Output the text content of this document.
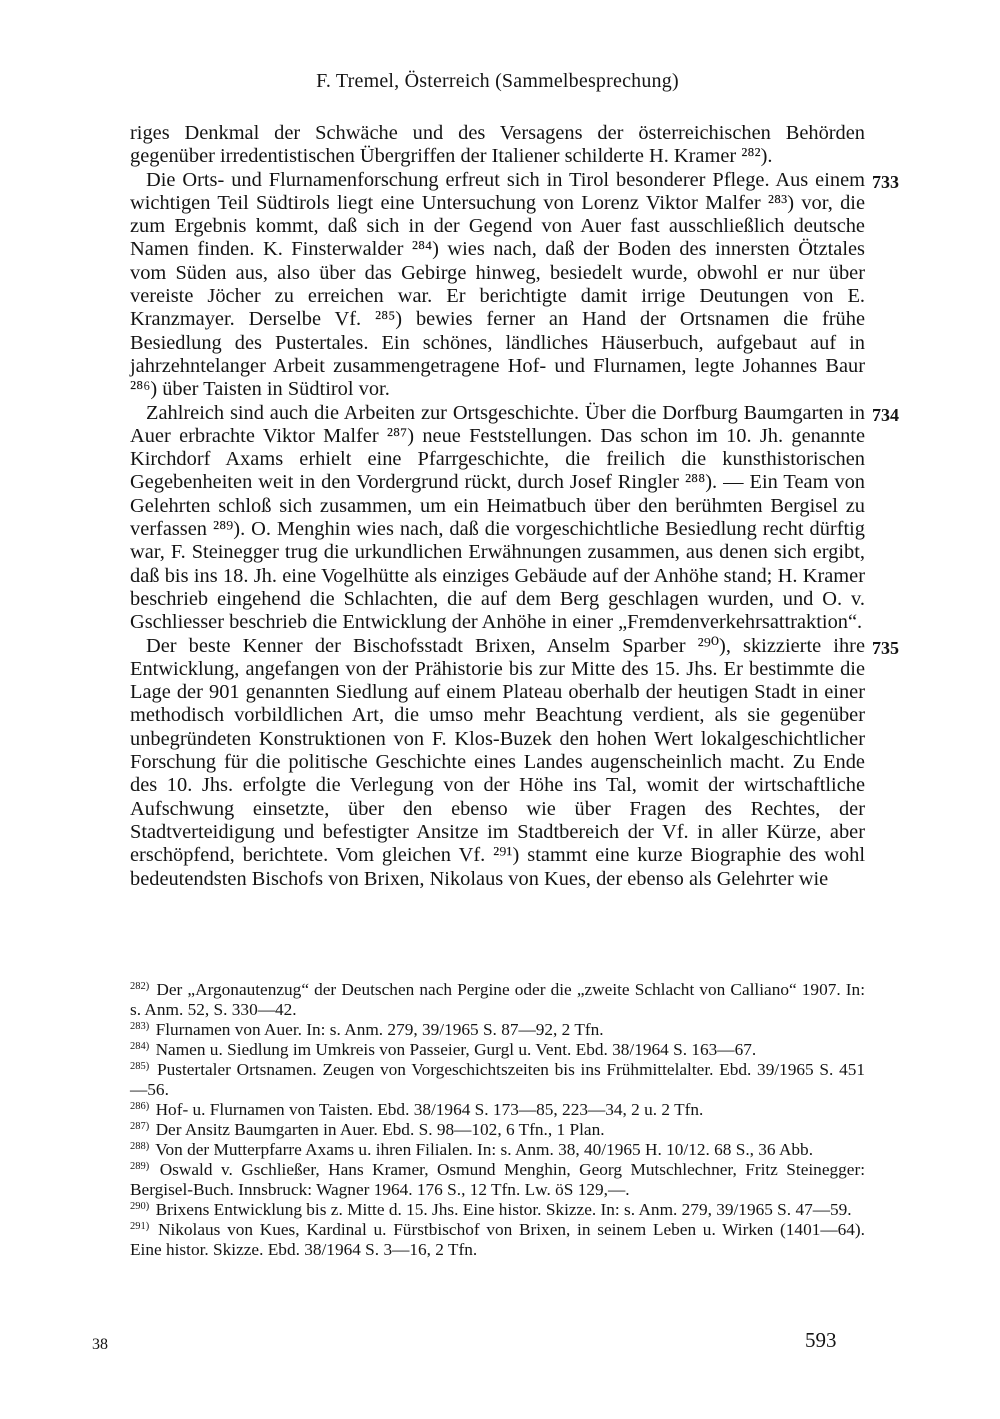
F. Tremel, Österreich (Sammelbesprechung)

riges Denkmal der Schwäche und des Versagens der österreichischen Behörden gegenüber irredentistischen Übergriffen der Italiener schilderte H. Kramer ²⁸²).

733
Die Orts- und Flurnamenforschung erfreut sich in Tirol besonderer Pflege. Aus einem wichtigen Teil Südtirols liegt eine Untersuchung von Lorenz Viktor Malfer ²⁸³) vor, die zum Ergebnis kommt, daß sich in der Gegend von Auer fast ausschließlich deutsche Namen finden. K. Finsterwalder ²⁸⁴) wies nach, daß der Boden des innersten Ötztales vom Süden aus, also über das Gebirge hinweg, besiedelt wurde, obwohl er nur über vereiste Jöcher zu erreichen war. Er berichtigte damit irrige Deutungen von E. Kranzmayer. Derselbe Vf. ²⁸⁵) bewies ferner an Hand der Ortsnamen die frühe Besiedlung des Pustertales. Ein schönes, ländliches Häuserbuch, aufgebaut auf in jahrzehntelanger Arbeit zusammengetragene Hof- und Flurnamen, legte Johannes Baur ²⁸⁶) über Taisten in Südtirol vor.

734
Zahlreich sind auch die Arbeiten zur Ortsgeschichte. Über die Dorfburg Baumgarten in Auer erbrachte Viktor Malfer ²⁸⁷) neue Feststellungen. Das schon im 10. Jh. genannte Kirchdorf Axams erhielt eine Pfarrgeschichte, die freilich die kunsthistorischen Gegebenheiten weit in den Vordergrund rückt, durch Josef Ringler ²⁸⁸). — Ein Team von Gelehrten schloß sich zusammen, um ein Heimatbuch über den berühmten Bergisel zu verfassen ²⁸⁹). O. Menghin wies nach, daß die vorgeschichtliche Besiedlung recht dürftig war, F. Steinegger trug die urkundlichen Erwähnungen zusammen, aus denen sich ergibt, daß bis ins 18. Jh. eine Vogelhütte als einziges Gebäude auf der Anhöhe stand; H. Kramer beschrieb eingehend die Schlachten, die auf dem Berg geschlagen wurden, und O. v. Gschliesser beschrieb die Entwicklung der Anhöhe in einer „Fremdenverkehrsattraktion“.

735
Der beste Kenner der Bischofsstadt Brixen, Anselm Sparber ²⁹⁰), skizzierte ihre Entwicklung, angefangen von der Prähistorie bis zur Mitte des 15. Jhs. Er bestimmte die Lage der 901 genannten Siedlung auf einem Plateau oberhalb der heutigen Stadt in einer methodisch vorbildlichen Art, die umso mehr Beachtung verdient, als sie gegenüber unbegründeten Konstruktionen von F. Klos-Buzek den hohen Wert lokalgeschichtlicher Forschung für die politische Geschichte eines Landes augenscheinlich macht. Zu Ende des 10. Jhs. erfolgte die Verlegung von der Höhe ins Tal, womit der wirtschaftliche Aufschwung einsetzte, über den ebenso wie über Fragen des Rechtes, der Stadtverteidigung und befestigter Ansitze im Stadtbereich der Vf. in aller Kürze, aber erschöpfend, berichtete. Vom gleichen Vf. ²⁹¹) stammt eine kurze Biographie des wohl bedeutendsten Bischofs von Brixen, Nikolaus von Kues, der ebenso als Gelehrter wie

$^{282)}$ Der „Argonautenzug“ der Deutschen nach Pergine oder die „zweite Schlacht von Calliano“ 1907. In: s. Anm. 52, S. 330—42.

$^{283)}$ Flurnamen von Auer. In: s. Anm. 279, 39/1965 S. 87—92, 2 Tfn.

$^{284)}$ Namen u. Siedlung im Umkreis von Passeier, Gurgl u. Vent. Ebd. 38/1964 S. 163—67.

$^{285)}$ Pustertaler Ortsnamen. Zeugen von Vorgeschichtszeiten bis ins Frühmittelalter. Ebd. 39/1965 S. 451—56.

$^{286)}$ Hof- u. Flurnamen von Taisten. Ebd. 38/1964 S. 173—85, 223—34, 2 u. 2 Tfn.

$^{287)}$ Der Ansitz Baumgarten in Auer. Ebd. S. 98—102, 6 Tfn., 1 Plan.

$^{288)}$ Von der Mutterpfarre Axams u. ihren Filialen. In: s. Anm. 38, 40/1965 H. 10/12. 68 S., 36 Abb.

$^{289)}$ Oswald v. Gschließer, Hans Kramer, Osmund Menghin, Georg Mutschlechner, Fritz Steinegger: Bergisel-Buch. Innsbruck: Wagner 1964. 176 S., 12 Tfn. Lw. öS 129,—.

$^{290)}$ Brixens Entwicklung bis z. Mitte d. 15. Jhs. Eine histor. Skizze. In: s. Anm. 279, 39/1965 S. 47—59.

$^{291)}$ Nikolaus von Kues, Kardinal u. Fürstbischof von Brixen, in seinem Leben u. Wirken (1401—64). Eine histor. Skizze. Ebd. 38/1964 S. 3—16, 2 Tfn.

38	593
